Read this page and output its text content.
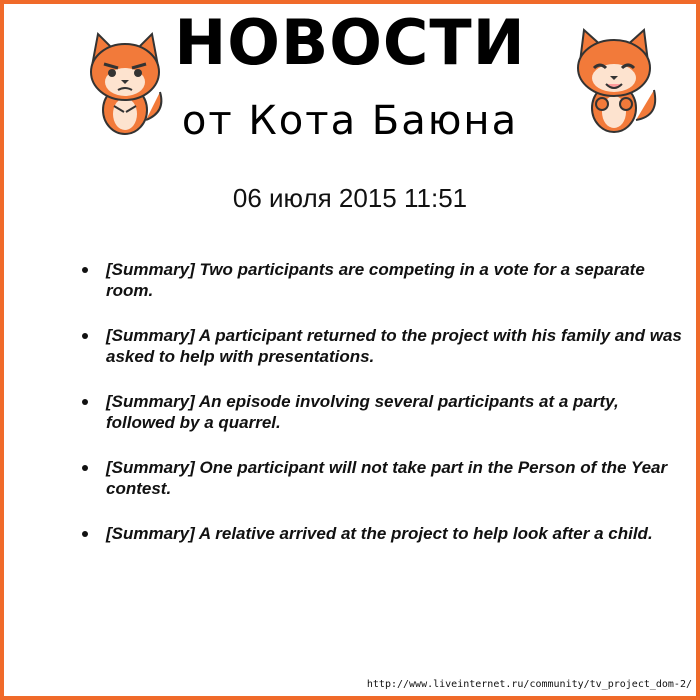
НОВОСТИ
от Кота Баюна
06 июля 2015 11:51
[Summary] Two participants are competing in a vote for a separate room.
[Summary] A participant returned to the project with his family and was asked to help with presentations.
[Summary] An episode involving several participants at a party, followed by a quarrel.
[Summary] One participant will not take part in the Person of the Year contest.
[Summary] A relative arrived at the project to help look after a child.
http://www.liveinternet.ru/community/tv_project_dom-2/
